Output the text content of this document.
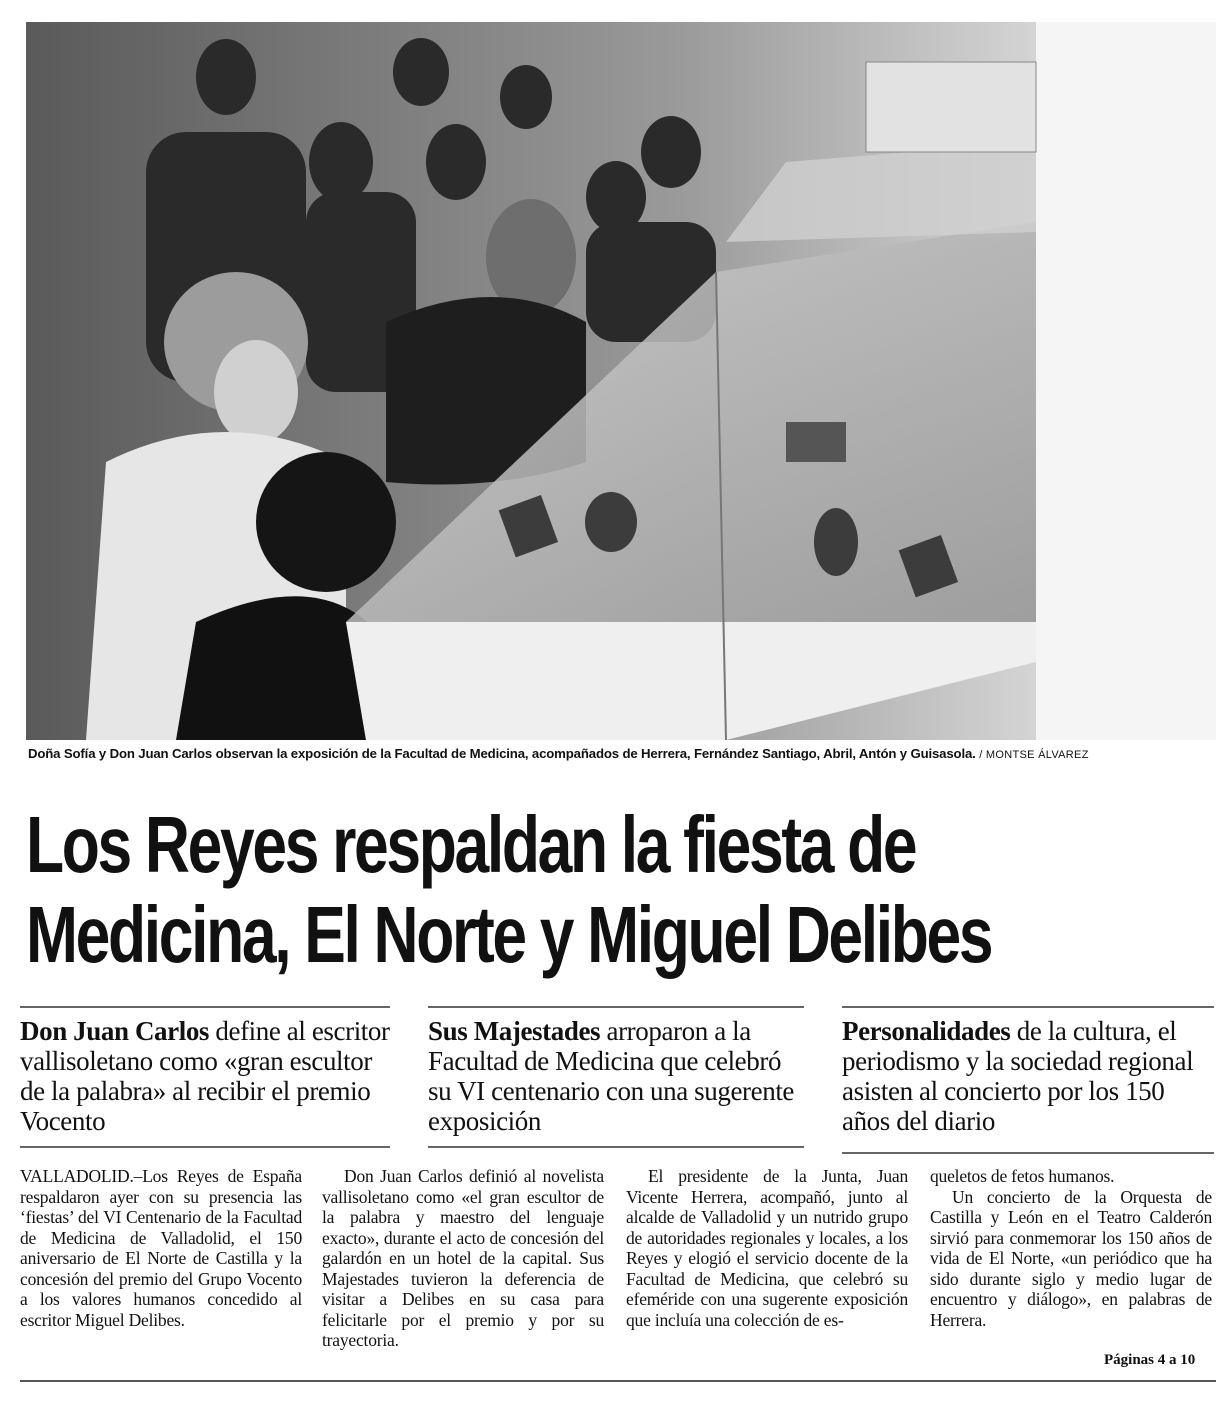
Doña Sofía y Don Juan Carlos observan la exposición de la Facultad de Medicina, acompañados de Herrera, Fernández Santiago, Abril, Antón y Guisasola. / MONTSE ÁLVAREZ
Los Reyes respaldan la fiesta de
Medicina, El Norte y Miguel Delibes
Don Juan Carlos define al escritor vallisoletano como «gran escultor de la palabra» al recibir el premio Vocento
Sus Majestades arroparon a la Facultad de Medicina que celebró su VI centenario con una sugerente exposición
Personalidades de la cultura, el periodismo y la sociedad regional asisten al concierto por los 150 años del diario

VALLADOLID.–Los Reyes de España respaldaron ayer con su presencia las ‘fiestas’ del VI Centenario de la Facultad de Medicina de Valladolid, el 150 aniversario de El Norte de Castilla y la concesión del premio del Grupo Vocento a los valores humanos concedido al escritor Miguel Delibes.

Don Juan Carlos definió al novelista vallisoletano como «el gran escultor de la palabra y maestro del lenguaje exacto», durante el acto de concesión del galardón en un hotel de la capital. Sus Majestades tuvieron la deferencia de visitar a Delibes en su casa para felicitarle por el premio y por su trayectoria.

El presidente de la Junta, Juan Vicente Herrera, acompañó, junto al alcalde de Valladolid y un nutrido grupo de autoridades regionales y locales, a los Reyes y elogió el servicio docente de la Facultad de Medicina, que celebró su efeméride con una sugerente exposición que incluía una colección de es-

queletos de fetos humanos.

Un concierto de la Orquesta de Castilla y León en el Teatro Calderón sirvió para conmemorar los 150 años de vida de El Norte, «un periódico que ha sido durante siglo y medio lugar de encuentro y diálogo», en palabras de Herrera.

Páginas 4 a 10
